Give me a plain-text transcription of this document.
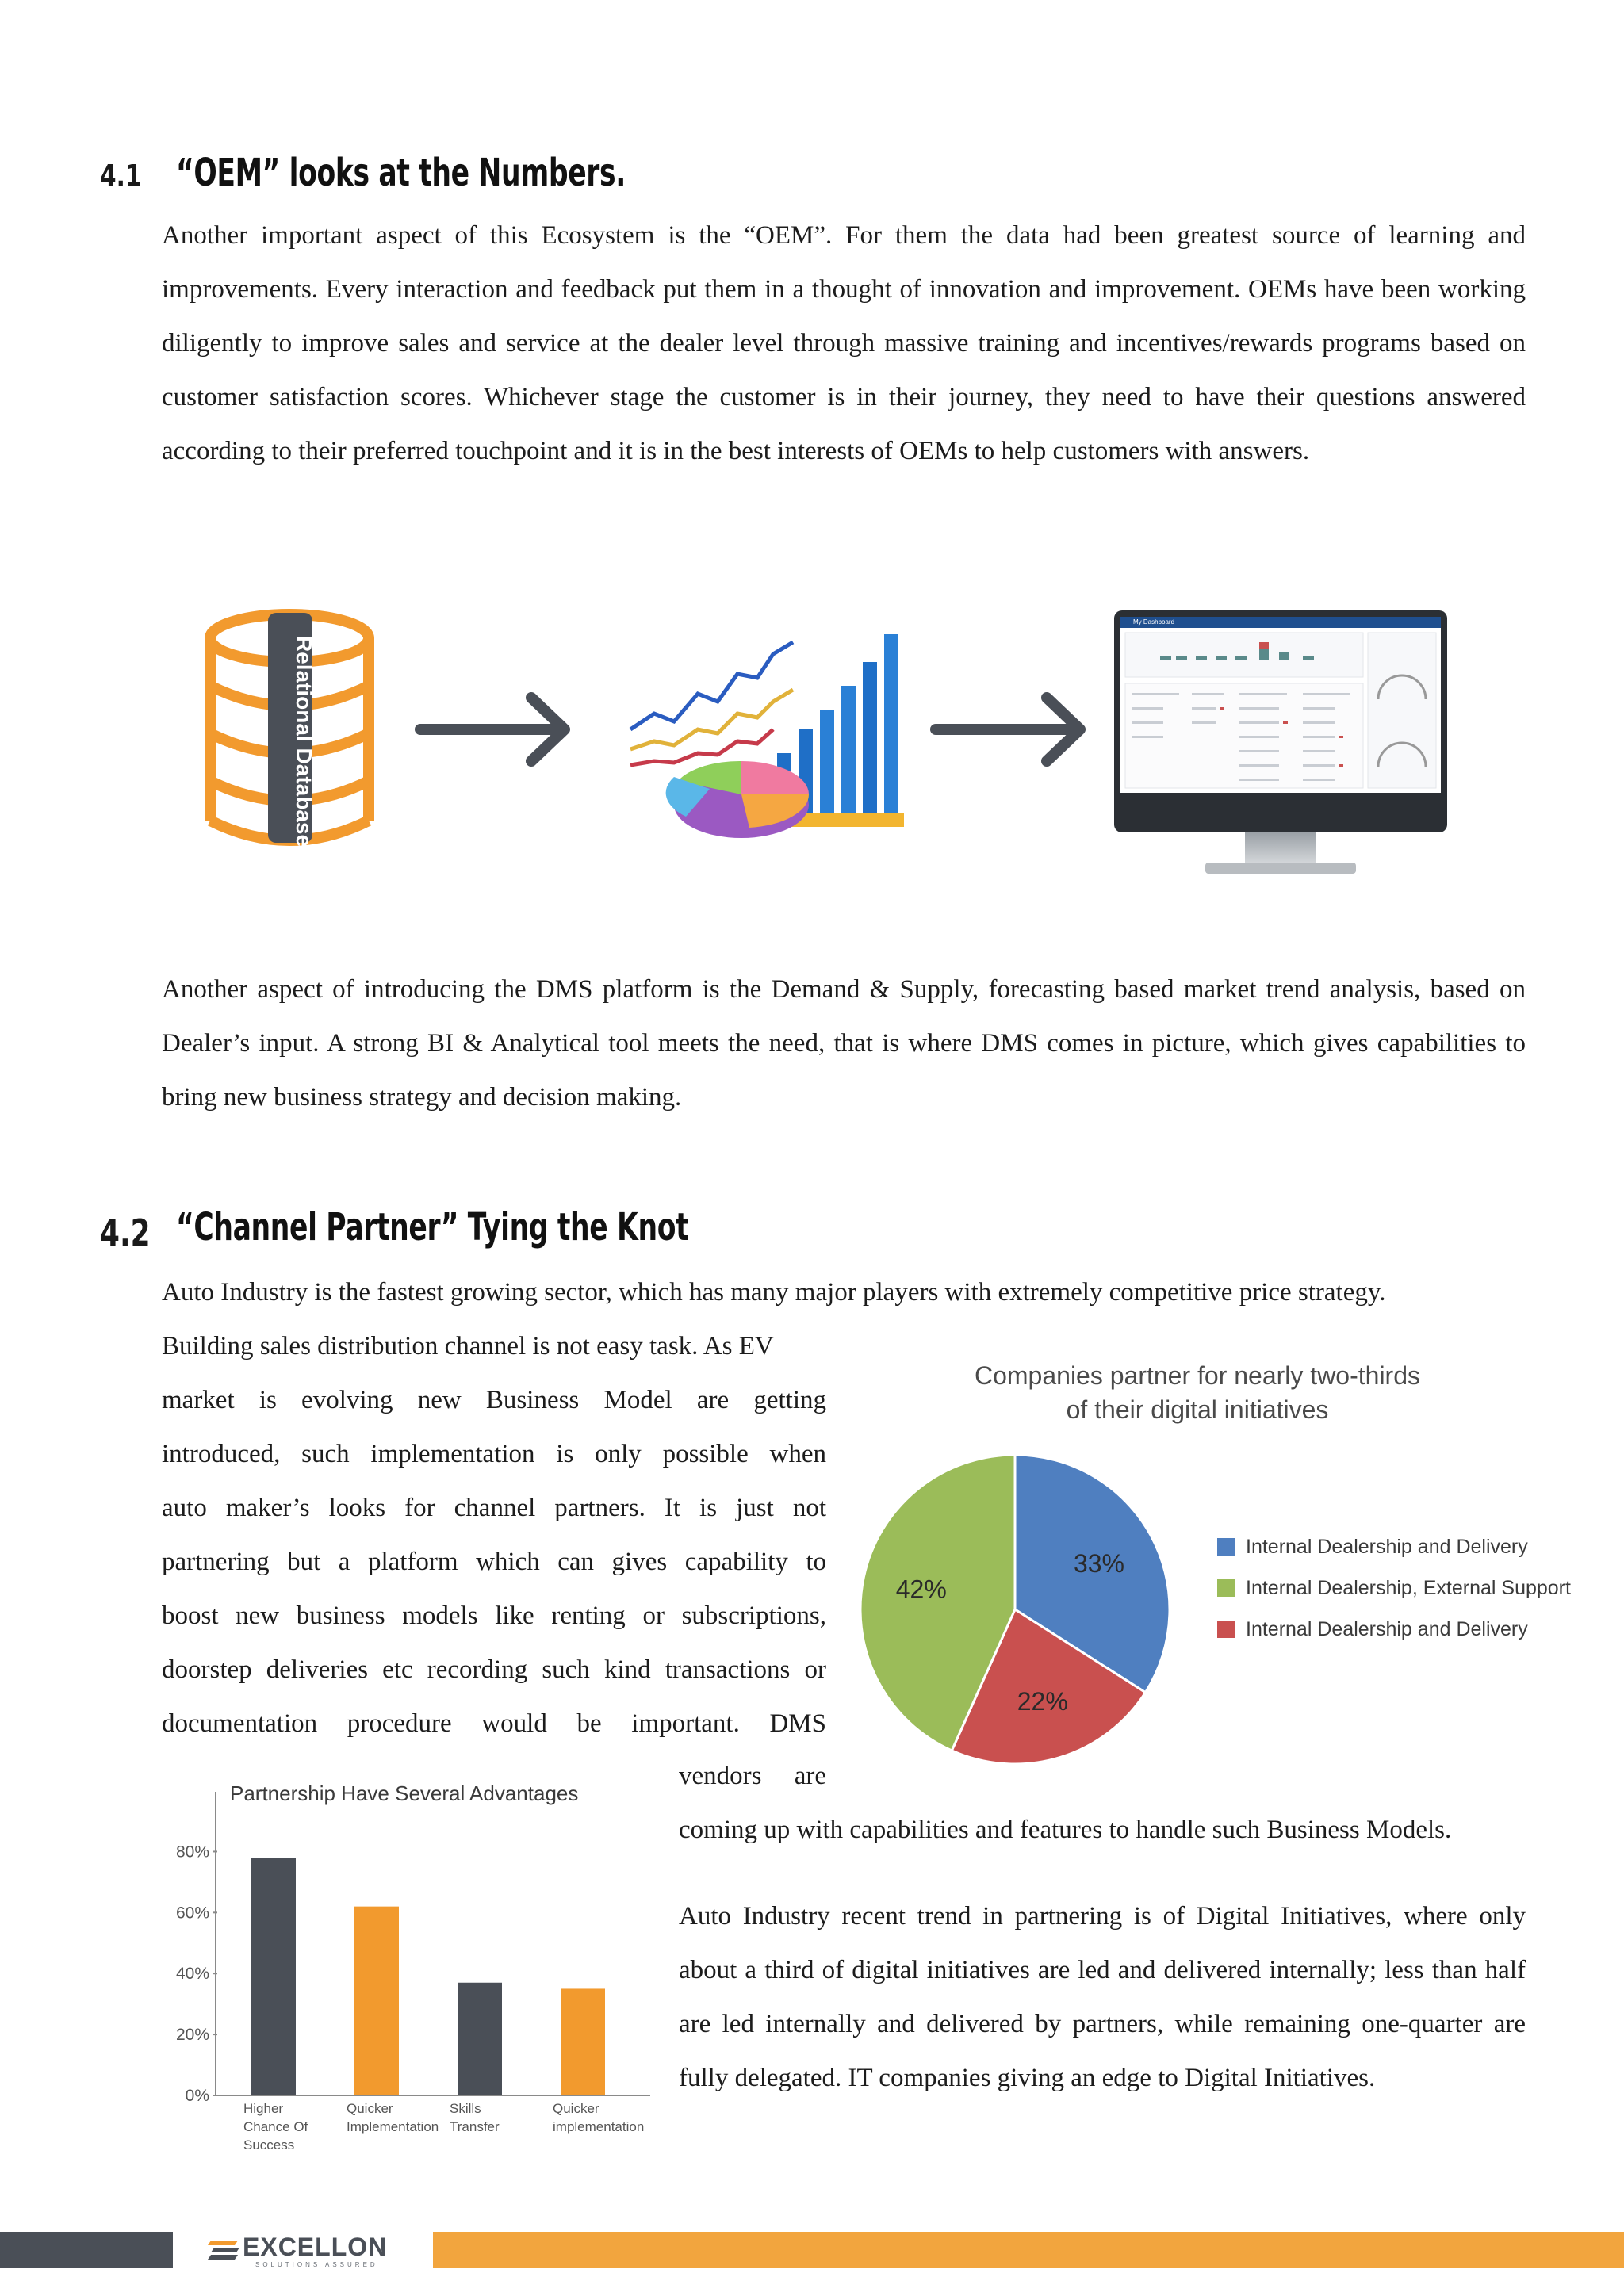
4.1 “OEM” looks at the Numbers.
Another important aspect of this Ecosystem is the “OEM”. For them the data had been greatest source of learning and improvements. Every interaction and feedback put them in a thought of innovation and improvement. OEMs have been working diligently to improve sales and service at the dealer level through massive training and incentives/rewards programs based on customer satisfaction scores. Whichever stage the customer is in their journey, they need to have their questions answered according to their preferred touchpoint and it is in the best interests of OEMs to help customers with answers.
Relational Database
My Dashboard
Another aspect of introducing the DMS platform is the Demand & Supply, forecasting based market trend analysis, based on Dealer’s input. A strong BI & Analytical tool meets the need, that is where DMS comes in picture, which gives capabilities to bring new business strategy and decision making.
4.2 “Channel Partner” Tying the Knot
Auto Industry is the fastest growing sector, which has many major players with extremely competitive price strategy.
Building sales distribution channel is not easy task. As EV
market is evolving new Business Model are getting
introduced, such implementation is only possible when
auto maker’s looks for channel partners. It is just not
partnering but a platform which can gives capability to
boost new business models like renting or subscriptions,
doorstep deliveries etc recording such kind transactions or
documentation procedure would be important. DMS
vendors are
coming up with capabilities and features to handle such Business Models.
Auto Industry recent trend in partnering is of Digital Initiatives, where only about a third of digital initiatives are led and delivered internally; less than half are led internally and delivered by partners, while remaining one-quarter are fully delegated. IT companies giving an edge to Digital Initiatives.
Companies partner for nearly two-thirds
of their digital initiatives
33%
22%
42%
Internal Dealership and Delivery
Internal Dealership, External Support
Internal Dealership and Delivery
Partnership Have Several Advantages
0%
20%
40%
60%
80%
Higher
Chance Of
Success
Quicker
Implementation
Skills
Transfer
Quicker
implementation
EXCELLON
SOLUTIONS ASSURED
